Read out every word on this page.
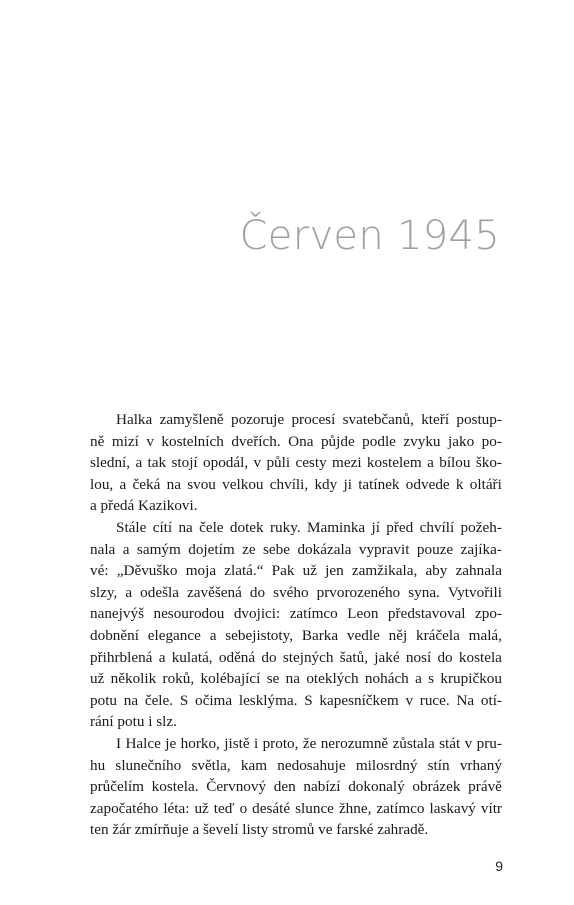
Červen 1945
Halka zamyšleně pozoruje procesí svatebčanů, kteří postup-
ně mizí v kostelních dveřích. Ona půjde podle zvyku jako po-
slední, a tak stojí opodál, v půli cesty mezi kostelem a bílou ško-
lou, a čeká na svou velkou chvíli, kdy ji tatínek odvede k oltáři
a předá Kazikovi.
Stále cítí na čele dotek ruky. Maminka jí před chvílí požeh-
nala a samým dojetím ze sebe dokázala vypravit pouze zajíka-
vé: „Děvuško moja zlatá.“ Pak už jen zamžikala, aby zahnala
slzy, a odešla zavěšená do svého prvorozeného syna. Vytvořili
nanejvýš nesourodou dvojici: zatímco Leon představoval zpo-
dobnění elegance a sebejistoty, Barka vedle něj kráčela malá,
přihrblená a kulatá, oděná do stejných šatů, jaké nosí do kostela
už několik roků, kolébající se na oteklých nohách a s krupičkou
potu na čele. S očima lesklýma. S kapesníčkem v ruce. Na otí-
rání potu i slz.
I Halce je horko, jistě i proto, že nerozumně zůstala stát v pru-
hu slunečního světla, kam nedosahuje milosrdný stín vrhaný
průčelím kostela. Červnový den nabízí dokonalý obrázek právě
započatého léta: už teď o desáté slunce žhne, zatímco laskavý vítr
ten žár zmírňuje a ševelí listy stromů ve farské zahradě.
9
